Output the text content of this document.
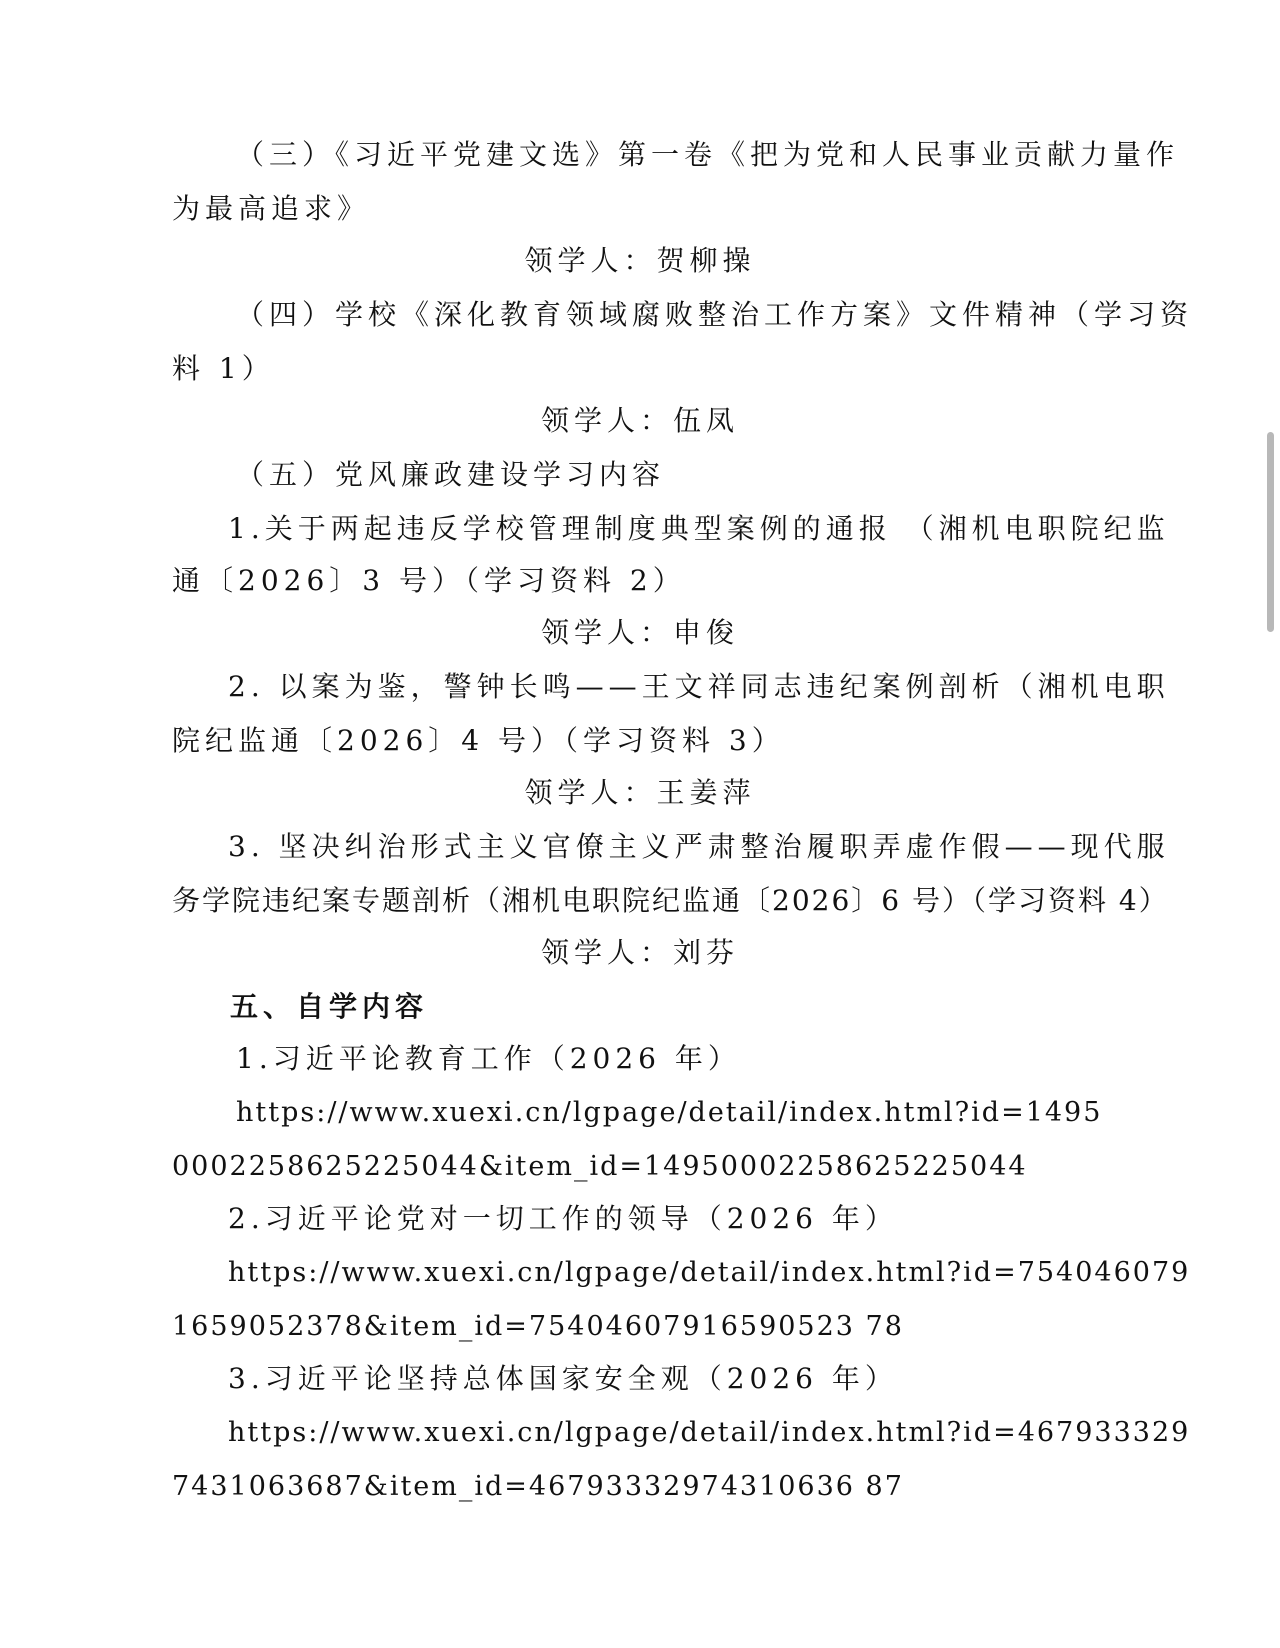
（三）《习近平党建文选》第一卷《把为党和人民事业贡献力量作
为最高追求》
领学人：贺柳操
（四）学校《深化教育领域腐败整治工作方案》文件精神（学习资
料 1）
领学人：伍凤
（五）党风廉政建设学习内容
1.关于两起违反学校管理制度典型案例的通报 （湘机电职院纪监
通〔2026〕3 号）（学习资料 2）
领学人：申俊
2. 以案为鉴，警钟长鸣——王文祥同志违纪案例剖析（湘机电职
院纪监通〔2026〕4 号）（学习资料 3）
领学人：王姜萍
3. 坚决纠治形式主义官僚主义严肃整治履职弄虚作假——现代服
务学院违纪案专题剖析（湘机电职院纪监通〔2026〕6 号）（学习资料 4）
领学人：刘芬
五、自学内容
1.习近平论教育工作（2026 年）
https://www.xuexi.cn/lgpage/detail/index.html?id=1495
0002258625225044&item_id=14950002258625225044
2.习近平论党对一切工作的领导（2026 年）
https://www.xuexi.cn/lgpage/detail/index.html?id=754046079
1659052378&item_id=75404607916590523 78
3.习近平论坚持总体国家安全观（2026 年）
https://www.xuexi.cn/lgpage/detail/index.html?id=467933329
7431063687&item_id=46793332974310636 87
